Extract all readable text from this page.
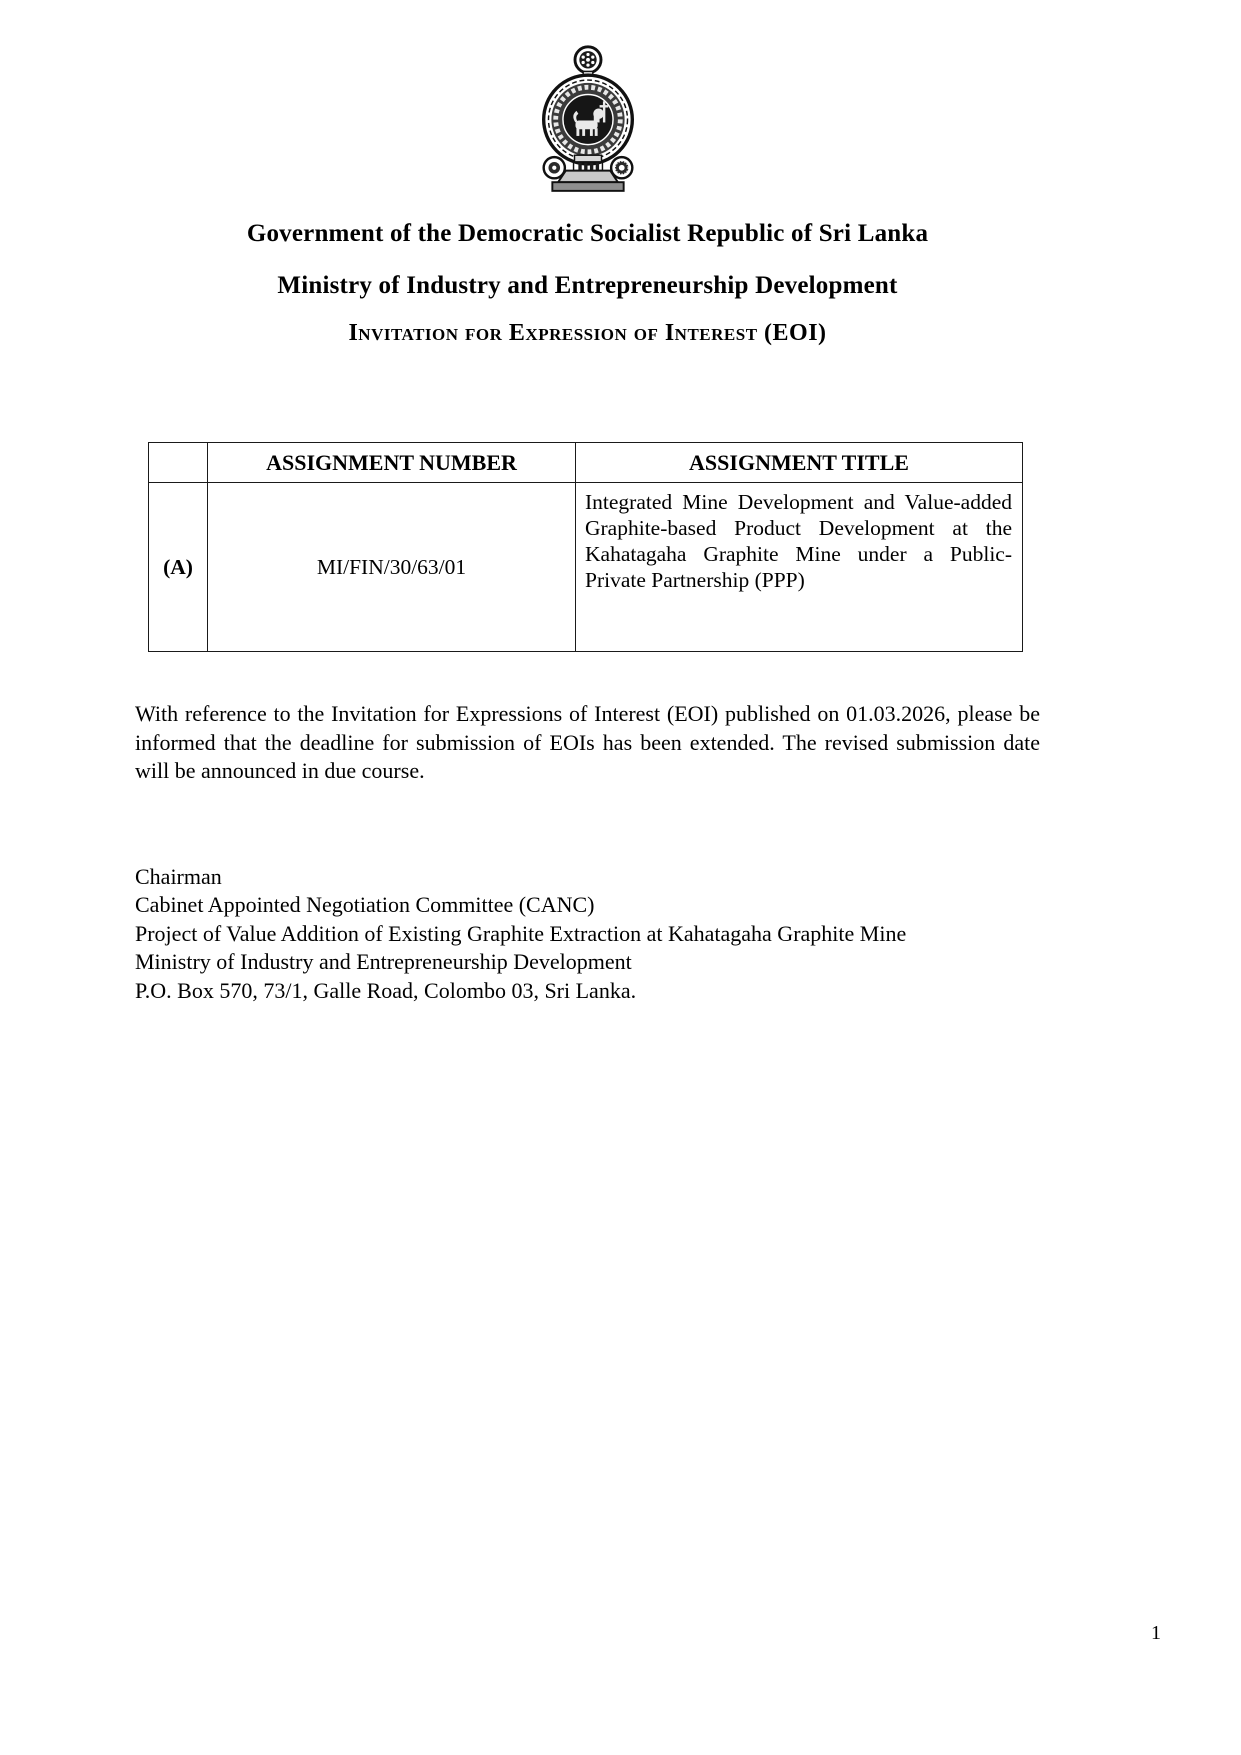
Government of the Democratic Socialist Republic of Sri Lanka
Ministry of Industry and Entrepreneurship Development
Invitation for Expression of Interest (EOI)
	ASSIGNMENT NUMBER	ASSIGNMENT TITLE
(A)	MI/FIN/30/63/01	Integrated Mine Development and Value-added Graphite-based Product Development at the Kahatagaha Graphite Mine under a Public-Private Partnership (PPP)

With reference to the Invitation for Expressions of Interest (EOI) published on 01.03.2026, please be informed that the deadline for submission of EOIs has been extended. The revised submission date will be announced in due course.

Chairman
Cabinet Appointed Negotiation Committee (CANC)
Project of Value Addition of Existing Graphite Extraction at Kahatagaha Graphite Mine
Ministry of Industry and Entrepreneurship Development
P.O. Box 570, 73/1, Galle Road, Colombo 03, Sri Lanka.
1
